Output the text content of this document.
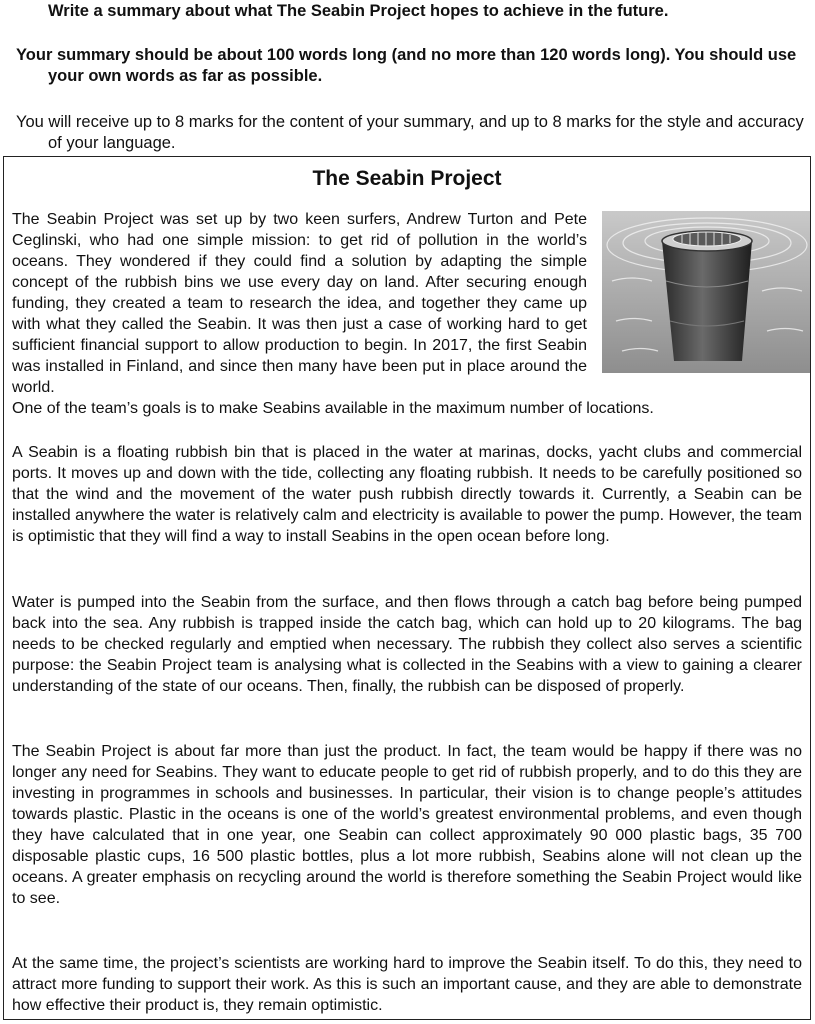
Write a summary about what The Seabin Project hopes to achieve in the future.
Your summary should be about 100 words long (and no more than 120 words long). You should use your own words as far as possible.
You will receive up to 8 marks for the content of your summary, and up to 8 marks for the style and accuracy of your language.
The Seabin Project

The Seabin Project was set up by two keen surfers, Andrew Turton and Pete Ceglinski, who had one simple mission: to get rid of pollution in the world’s oceans. They wondered if they could find a solution by adapting the simple concept of the rubbish bins we use every day on land. After securing enough funding, they created a team to research the idea, and together they came up with what they called the Seabin. It was then just a case of working hard to get sufficient financial support to allow production to begin. In 2017, the first Seabin was installed in Finland, and since then many have been put in place around the world.

One of the team’s goals is to make Seabins available in the maximum number of locations.

A Seabin is a floating rubbish bin that is placed in the water at marinas, docks, yacht clubs and commercial ports. It moves up and down with the tide, collecting any floating rubbish. It needs to be carefully positioned so that the wind and the movement of the water push rubbish directly towards it. Currently, a Seabin can be installed anywhere the water is relatively calm and electricity is available to power the pump. However, the team is optimistic that they will find a way to install Seabins in the open ocean before long.

Water is pumped into the Seabin from the surface, and then flows through a catch bag before being pumped back into the sea. Any rubbish is trapped inside the catch bag, which can hold up to 20 kilograms. The bag needs to be checked regularly and emptied when necessary. The rubbish they collect also serves a scientific purpose: the Seabin Project team is analysing what is collected in the Seabins with a view to gaining a clearer understanding of the state of our oceans. Then, finally, the rubbish can be disposed of properly.

The Seabin Project is about far more than just the product. In fact, the team would be happy if there was no longer any need for Seabins. They want to educate people to get rid of rubbish properly, and to do this they are investing in programmes in schools and businesses. In particular, their vision is to change people’s attitudes towards plastic. Plastic in the oceans is one of the world’s greatest environmental problems, and even though they have calculated that in one year, one Seabin can collect approximately 90 000 plastic bags, 35 700 disposable plastic cups, 16 500 plastic bottles, plus a lot more rubbish, Seabins alone will not clean up the oceans. A greater emphasis on recycling around the world is therefore something the Seabin Project would like to see.

At the same time, the project’s scientists are working hard to improve the Seabin itself. To do this, they need to attract more funding to support their work. As this is such an important cause, and they are able to demonstrate how effective their product is, they remain optimistic.
